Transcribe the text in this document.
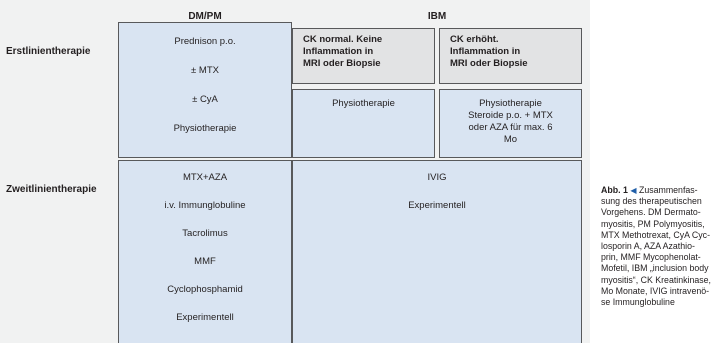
DM/PM	IBM
Erstlinientherapie
Zweitlinientherapie
Prednison p.o.
± MTX
± CyA
Physiotherapie
MTX+AZA
i.v. Immunglobuline
Tacrolimus
MMF
Cyclophosphamid
Experimentell
CK normal. Keine
Inflammation in
MRI oder Biopsie
CK erhöht.
Inflammation in
MRI oder Biopsie
Physiotherapie	Physiotherapie
Steroide p.o. + MTX
oder AZA für max. 6
Mo
IVIG
Experimentell
Abb. 1 ◀ Zusammenfas-
sung des therapeutischen
Vorgehens. DM Dermato-
myositis, PM Polymyositis,
MTX Methotrexat, CyA Cyc-
losporin A, AZA Azathio-
prin, MMF Mycophenolat-
Mofetil, IBM „inclusion body
myositis“, CK Kreatinkinase,
Mo Monate, IVIG intravenö-
se Immunglobuline
